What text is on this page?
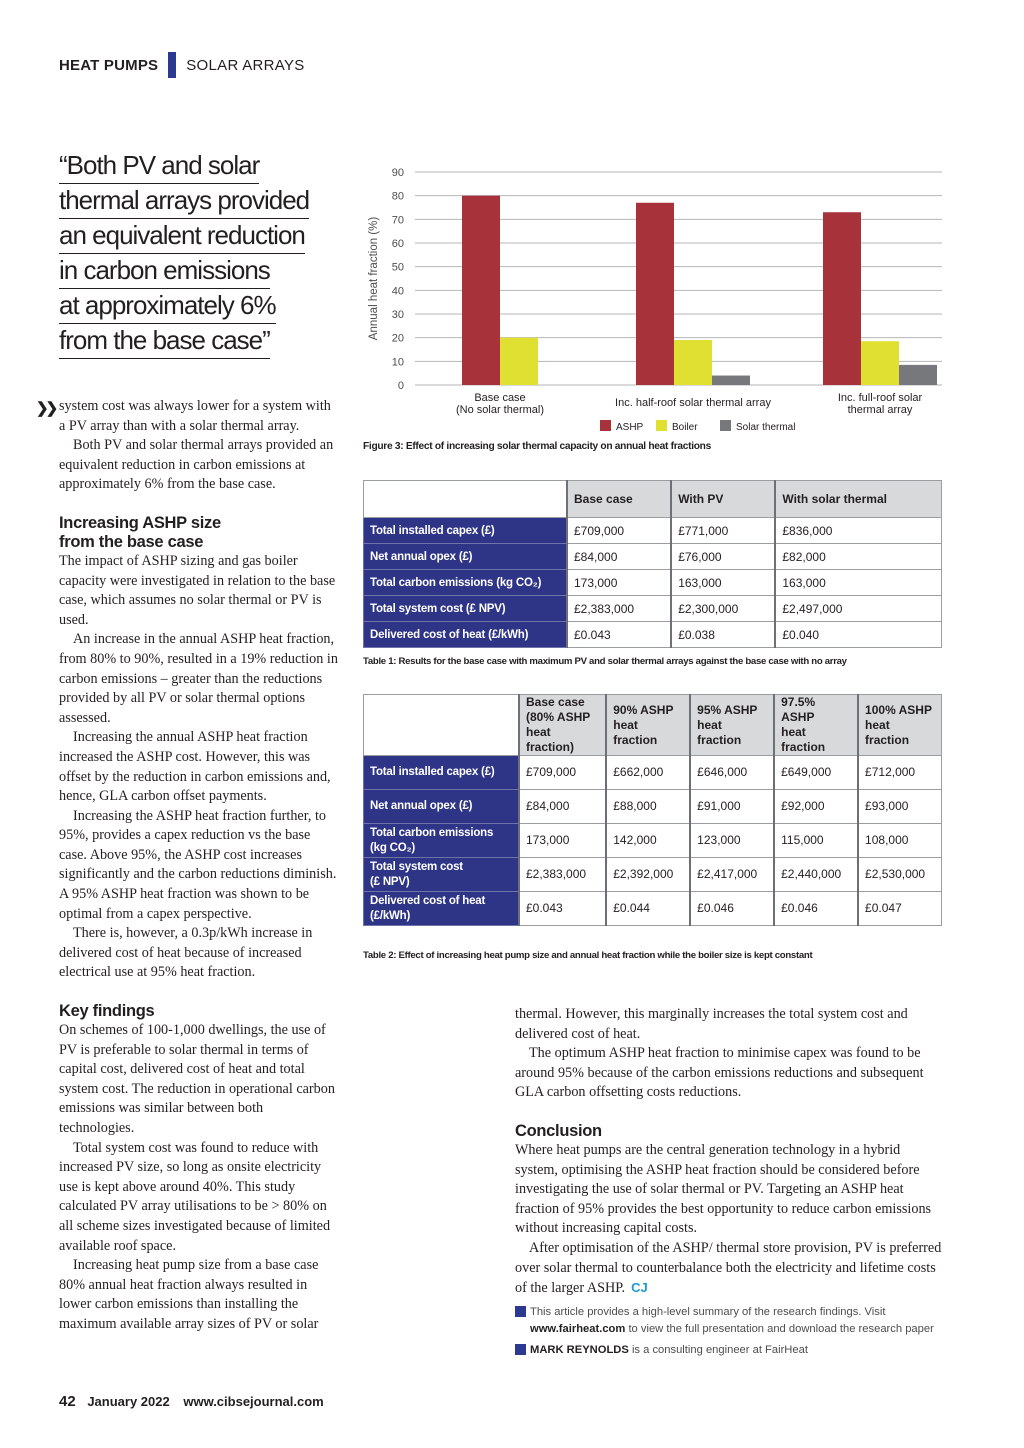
HEAT PUMPS SOLAR ARRAYS
“Both PV and solar
thermal arrays provided
an equivalent reduction
in carbon emissions
at approximately 6%
from the base case”
❯❯ system cost was always lower for a system with a PV array than with a solar thermal array.

Both PV and solar thermal arrays provided an equivalent reduction in carbon emissions at approximately 6% from the base case.

Increasing ASHP size
from the base case

The impact of ASHP sizing and gas boiler capacity were investigated in relation to the base case, which assumes no solar thermal or PV is used.

An increase in the annual ASHP heat fraction, from 80% to 90%, resulted in a 19% reduction in carbon emissions – greater than the reductions provided by all PV or solar thermal options assessed.

Increasing the annual ASHP heat fraction increased the ASHP cost. However, this was offset by the reduction in carbon emissions and, hence, GLA carbon offset payments.

Increasing the ASHP heat fraction further, to 95%, provides a capex reduction vs the base case. Above 95%, the ASHP cost increases significantly and the carbon reductions diminish. A 95% ASHP heat fraction was shown to be optimal from a capex perspective.

There is, however, a 0.3p/kWh increase in delivered cost of heat because of increased electrical use at 95% heat fraction.

Key findings

On schemes of 100-1,000 dwellings, the use of PV is preferable to solar thermal in terms of capital cost, delivered cost of heat and total system cost. The reduction in operational carbon emissions was similar between both technologies.

Total system cost was found to reduce with increased PV size, so long as onsite electricity use is kept above around 40%. This study calculated PV array utilisations to be > 80% on all scheme sizes investigated because of limited available roof space.

Increasing heat pump size from a base case 80% annual heat fraction always resulted in lower carbon emissions than installing the maximum available array sizes of PV or solar

0
10
20
30
40
50
60
70
80
90
Annual heat fraction (%)
Base case
(No solar thermal)
Inc. half-roof solar thermal array	Inc. full-roof solar
thermal array
ASHP	Boiler	Solar thermal
Figure 3: Effect of increasing solar thermal capacity on annual heat fractions
	Base case	With PV	With solar thermal
Total installed capex (£)	£709,000	£771,000	£836,000
Net annual opex (£)	£84,000	£76,000	£82,000
Total carbon emissions (kg CO₂)	173,000	163,000	163,000
Total system cost (£ NPV)	£2,383,000	£2,300,000	£2,497,000
Delivered cost of heat (£/kWh)	£0.043	£0.038	£0.040
Table 1: Results for the base case with maximum PV and solar thermal arrays against the base case with no array
	Base case
(80% ASHP
heat fraction)	90% ASHP
heat fraction	95% ASHP
heat fraction	97.5% ASHP
heat fraction	100% ASHP
heat fraction
Total installed capex (£)	£709,000	£662,000	£646,000	£649,000	£712,000
Net annual opex (£)	£84,000	£88,000	£91,000	£92,000	£93,000
Total carbon emissions
(kg CO₂)	173,000	142,000	123,000	115,000	108,000
Total system cost
(£ NPV)	£2,383,000	£2,392,000	£2,417,000	£2,440,000	£2,530,000
Delivered cost of heat
(£/kWh)	£0.043	£0.044	£0.046	£0.046	£0.047
Table 2: Effect of increasing heat pump size and annual heat fraction while the boiler size is kept constant

thermal. However, this marginally increases the total system cost and delivered cost of heat.

The optimum ASHP heat fraction to minimise capex was found to be around 95% because of the carbon emissions reductions and subsequent GLA carbon offsetting costs reductions.

Conclusion

Where heat pumps are the central generation technology in a hybrid system, optimising the ASHP heat fraction should be considered before investigating the use of solar thermal or PV. Targeting an ASHP heat fraction of 95% provides the best opportunity to reduce carbon emissions without increasing capital costs.

After optimisation of the ASHP/ thermal store provision, PV is preferred over solar thermal to counterbalance both the electricity and lifetime costs of the larger ASHP. CJ

This article provides a high-level summary of the research findings. Visit
www.fairheat.com to view the full presentation and download the research paper
MARK REYNOLDS is a consulting engineer at FairHeat
42 January 2022 www.cibsejournal.com
